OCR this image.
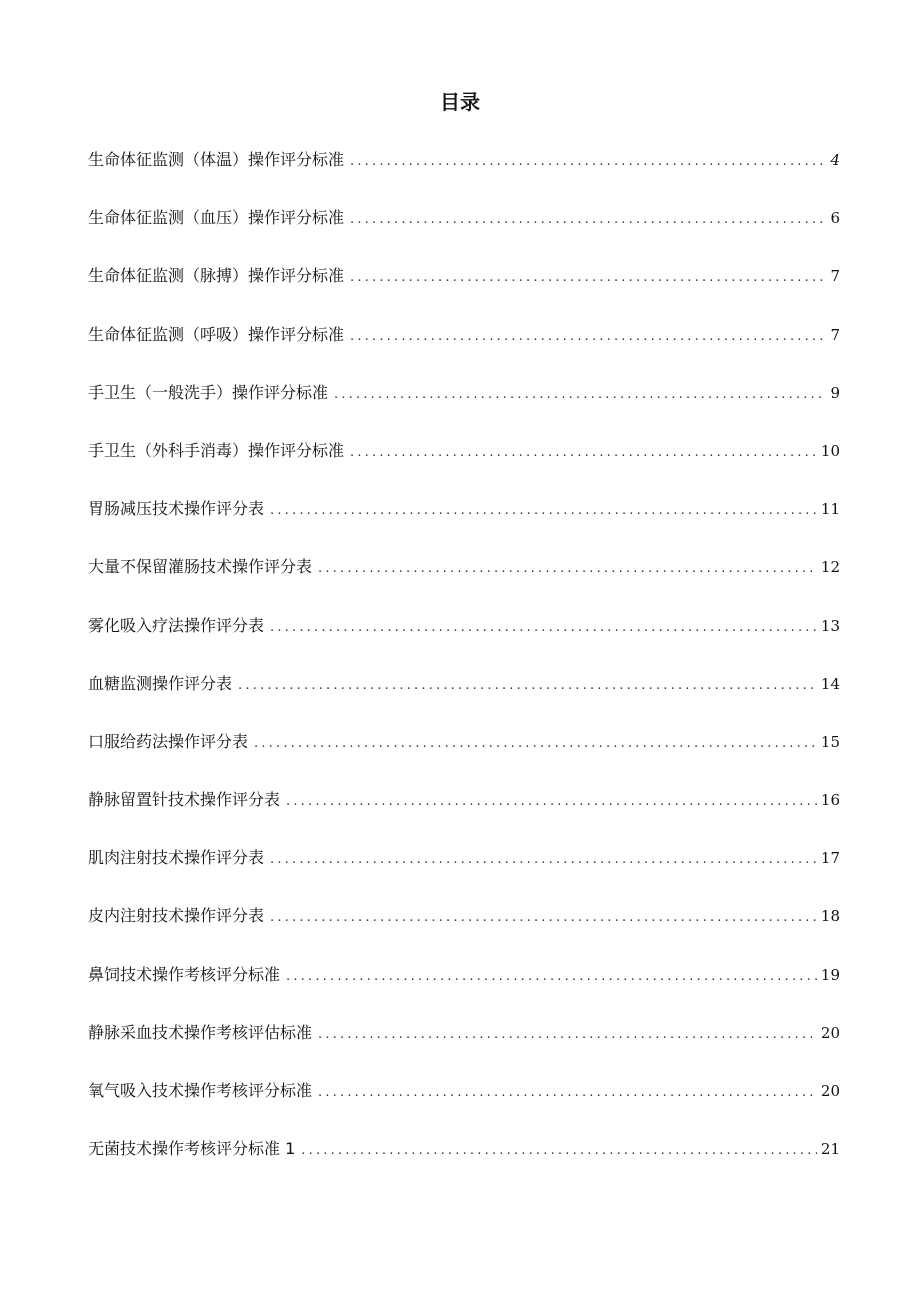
目录
生命体征监测（体温）操作评分标准 .....	4
生命体征监测（血压）操作评分标准 .....	6
生命体征监测（脉搏）操作评分标准 .....	7
生命体征监测（呼吸）操作评分标准 .....	7
手卫生（一般洗手）操作评分标准 .....	9
手卫生（外科手消毒）操作评分标准 .....	10
胃肠减压技术操作评分表 .....	11
大量不保留灌肠技术操作评分表 .....	12
雾化吸入疗法操作评分表 .....	13
血糖监测操作评分表 .....	14
口服给药法操作评分表 .....	15
静脉留置针技术操作评分表 .....	16
肌肉注射技术操作评分表 .....	17
皮内注射技术操作评分表 .....	18
鼻饲技术操作考核评分标准 .....	19
静脉采血技术操作考核评估标准 .....	20
氧气吸入技术操作考核评分标准 .....	20
无菌技术操作考核评分标准 1 .....	21
